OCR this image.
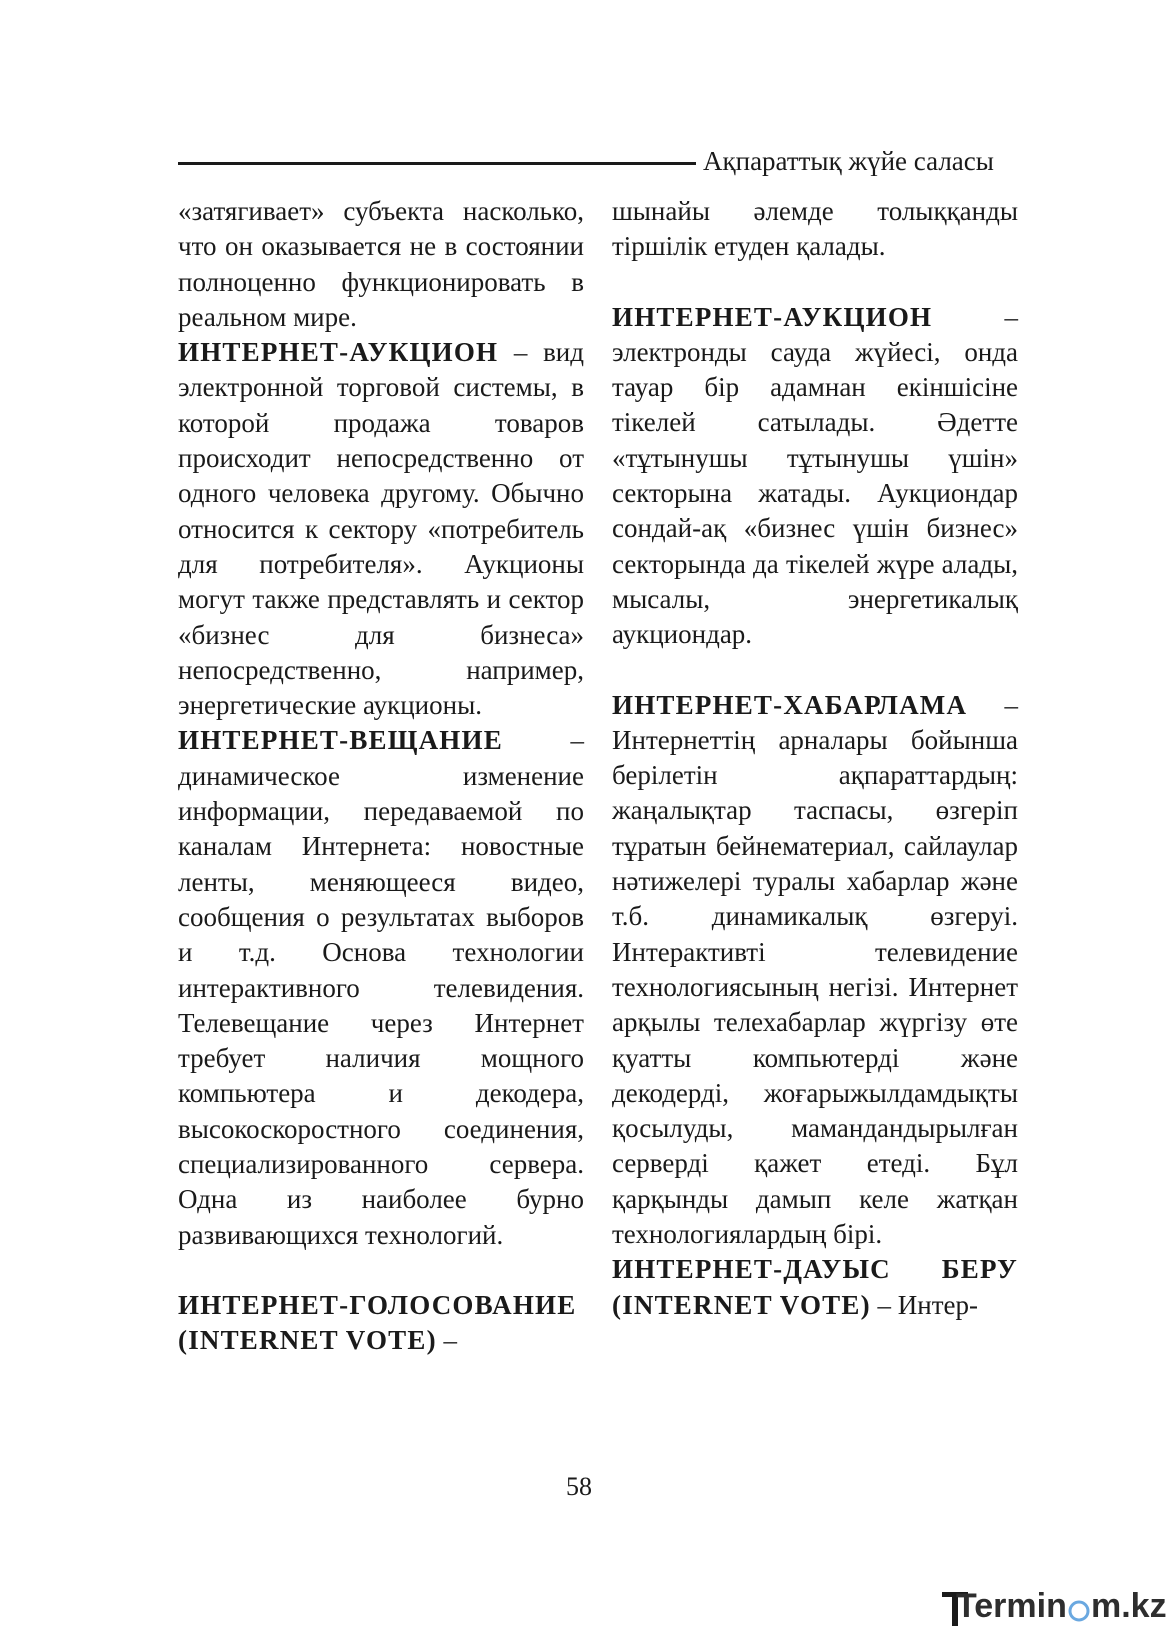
Ақпараттық жүйе саласы

«затягивает» субъекта насколько, что он оказывается не в состоянии полноценно функционировать в реальном мире.

ИНТЕРНЕТ-АУКЦИОН – вид электронной торговой системы, в которой продажа товаров происходит непосредственно от одного человека другому. Обычно относится к сектору «потребитель для потребителя». Аукционы могут также представлять и сектор «бизнес для бизнеса» непосредственно, например, энергетические аукционы.

ИНТЕРНЕТ-ВЕЩАНИЕ	– динамическое изменение информации, передаваемой по каналам Интернета: новостные ленты, меняющееся видео, сообщения о результатах выборов и т.д. Основа технологии интерактивного телевидения. Телевещание через Интернет требует наличия мощного компьютера и декодера, высокоскоростного соединения, специализированного сервера. Одна из наиболее бурно развивающихся технологий.

ИНТЕРНЕТ-ГОЛОСОВАНИЕ (INTERNET VOTE) –

шынайы әлемде толыққанды тіршілік етуден қалады.

ИНТЕРНЕТ-АУКЦИОН	– электронды сауда жүйесі, онда тауар бір адамнан екіншісіне тікелей сатылады. Әдетте «тұтынушы тұтынушы үшін» секторына жатады. Аукциондар сондай-ақ «бизнес үшін бизнес» секторында да тікелей жүре алады, мысалы, энергетикалық аукциондар.

ИНТЕРНЕТ-ХАБАРЛАМА – Интернеттің арналары бойынша берілетін ақпараттардың: жаңалықтар таспасы, өзгеріп тұратын бейнематериал, сайлаулар нәтижелері туралы хабарлар және т.б. динамикалық өзгеруі. Интерактивті телевидение технологиясының негізі. Интернет арқылы телехабарлар жүргізу өте қуатты компьютерді және декодерді, жоғарыжылдамдықты қосылуды, мамандандырылған серверді қажет етеді. Бұл қарқынды дамып келе жатқан технологиялардың бірі.

ИНТЕРНЕТ-ДАУЫС БЕРУ (INTERNET VOTE) – Интер-

58
Termin m.kz
